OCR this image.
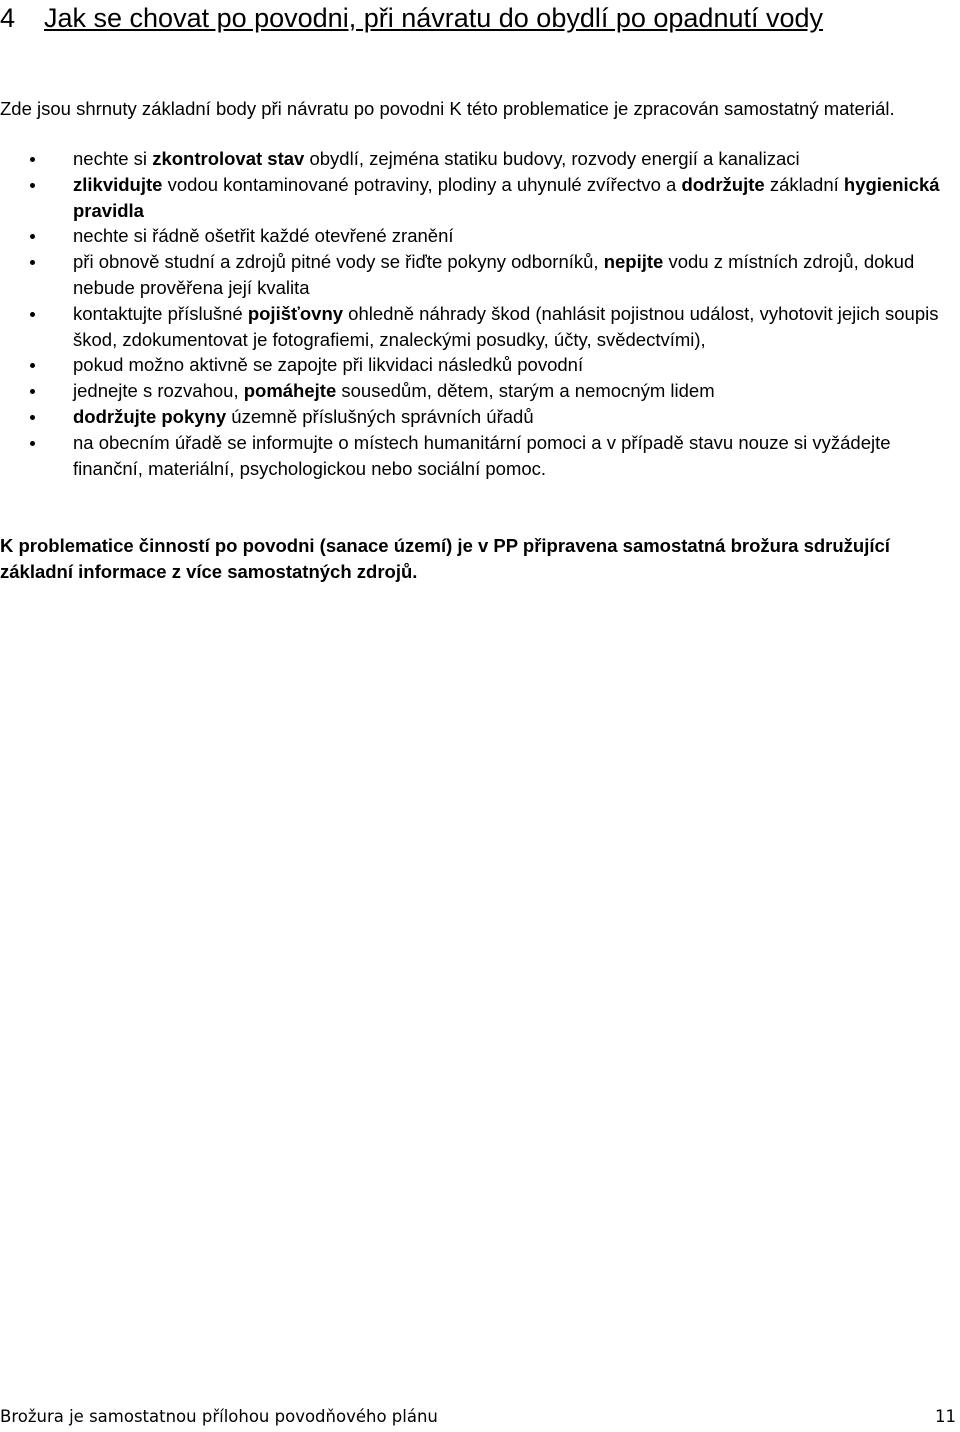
4 Jak se chovat po povodni, při návratu do obydlí po opadnutí vody

Zde jsou shrnuty základní body při návratu po povodni K této problematice je zpracován samostatný materiál.

nechte si zkontrolovat stav obydlí, zejména statiku budovy, rozvody energií a kanalizaci
zlikvidujte vodou kontaminované potraviny, plodiny a uhynulé zvířectvo a dodržujte základní hygienická pravidla
nechte si řádně ošetřit každé otevřené zranění
při obnově studní a zdrojů pitné vody se řiďte pokyny odborníků, nepijte vodu z místních zdrojů, dokud nebude prověřena její kvalita
kontaktujte příslušné pojišťovny ohledně náhrady škod (nahlásit pojistnou událost, vyhotovit jejich soupis škod, zdokumentovat je fotografiemi, znaleckými posudky, účty, svědectvími),
pokud možno aktivně se zapojte při likvidaci následků povodní
jednejte s rozvahou, pomáhejte sousedům, dětem, starým a nemocným lidem
dodržujte pokyny územně příslušných správních úřadů
na obecním úřadě se informujte o místech humanitární pomoci a v případě stavu nouze si vyžádejte finanční, materiální, psychologickou nebo sociální pomoc.

K problematice činností po povodni (sanace území) je v PP připravena samostatná brožura sdružující základní informace z více samostatných zdrojů.

Brožura je samostatnou přílohou povodňového plánu	11
